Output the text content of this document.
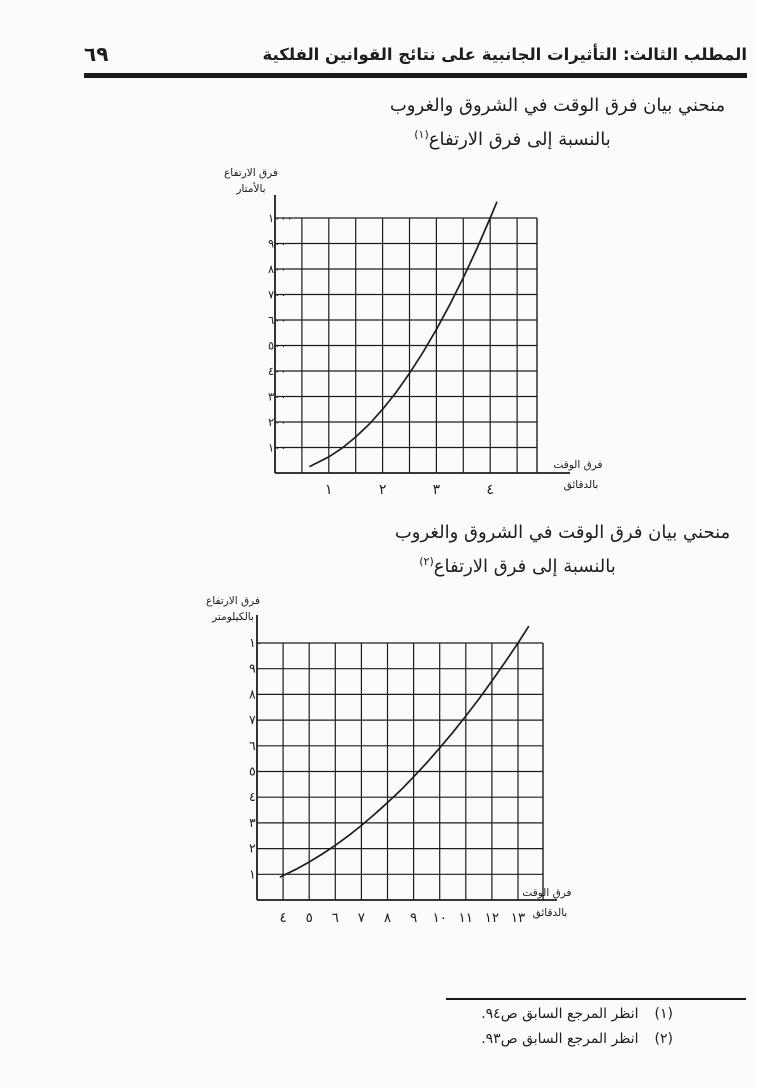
٦٩	المطلب الثالث: التأثيرات الجانبية على نتائج القوانين الفلكية
منحني بيان فرق الوقت في الشروق والغروب
بالنسبة إلى فرق الارتفاع$^{(١)}$
١٠٠٠
٩٠٠
٨٠٠
٧٠٠
٦٠٠
٥٠٠
٤٠٠
٣٠٠
٢٠٠
١٠٠
١	٢	٣	٤
فرق الارتفاع
بالأمتار
فرق الوقت
بالدقائق
منحني بيان فرق الوقت في الشروق والغروب
بالنسبة إلى فرق الارتفاع$^{(٢)}$
١٠
٩
٨
٧
٦
٥
٤
٣
٢
١
٤ ٥ ٦ ٧ ٨ ٩ ١٠ ١١ ١٢ ١٣
فرق الارتفاع
بالكيلومتر
فرق الوقت
بالدقائق
(١)انظر المرجع السابق ص٩٤.
(٢)انظر المرجع السابق ص٩٣.
